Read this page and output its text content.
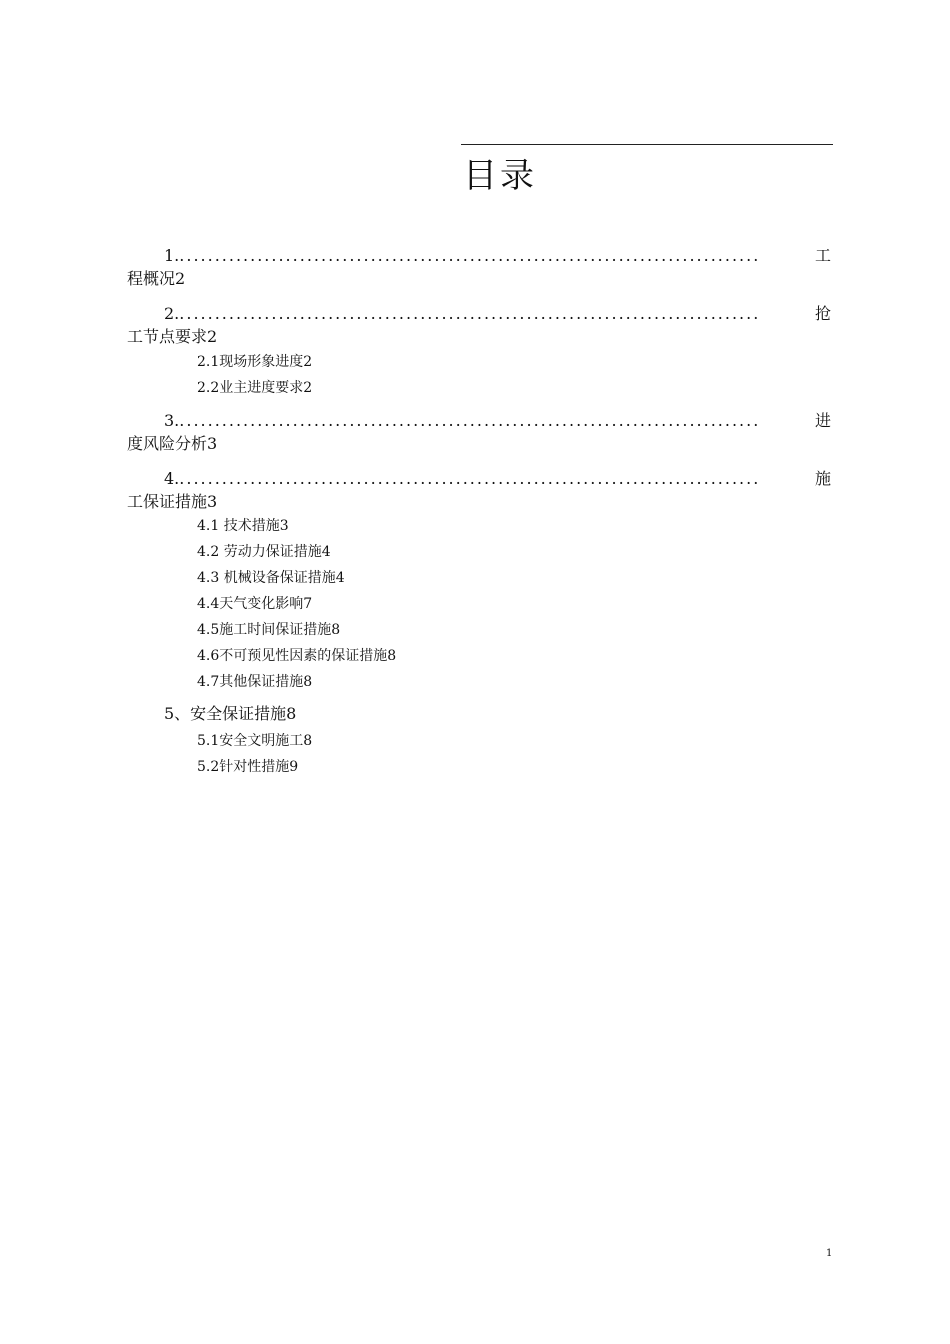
目录
1. ..................................................................................	工
程概况2
2. ..................................................................................	抢
工节点要求2
2.1现场形象进度2
2.2业主进度要求2
3. ..................................................................................	进
度风险分析3
4. ..................................................................................	施
工保证措施3
4.1 技术措施3
4.2 劳动力保证措施4
4.3 机械设备保证措施4
4.4天气变化影响7
4.5施工时间保证措施8
4.6不可预见性因素的保证措施8
4.7其他保证措施8
5、安全保证措施8
5.1安全文明施工8
5.2针对性措施9
1
